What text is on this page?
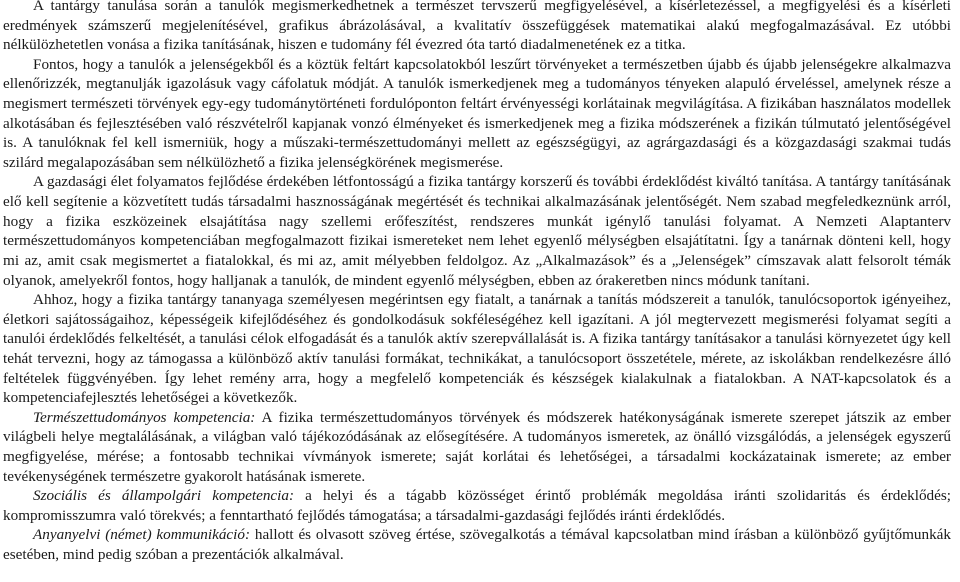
A tantárgy tanulása során a tanulók megismerkedhetnek a természet tervszerű megfigyelésével, a kísérletezéssel, a megfigyelési és a kísérleti eredmények számszerű megjelenítésével, grafikus ábrázolásával, a kvalitatív összefüggések matematikai alakú megfogalmazásával. Ez utóbbi nélkülözhetetlen vonása a fizika tanításának, hiszen e tudomány fél évezred óta tartó diadalmenetének ez a titka.
Fontos, hogy a tanulók a jelenségekből és a köztük feltárt kapcsolatokból leszűrt törvényeket a természetben újabb és újabb jelenségekre alkalmazva ellenőrizzék, megtanulják igazolásuk vagy cáfolatuk módját. A tanulók ismerkedjenek meg a tudományos tényeken alapuló érveléssel, amelynek része a megismert természeti törvények egy-egy tudománytörténeti fordulóponton feltárt érvényességi korlátainak megvilágítása. A fizikában használatos modellek alkotásában és fejlesztésében való részvételről kapjanak vonzó élményeket és ismerkedjenek meg a fizika módszerének a fizikán túlmutató jelentőségével is. A tanulóknak fel kell ismerniük, hogy a műszaki-természettudományi mellett az egészségügyi, az agrárgazdasági és a közgazdasági szakmai tudás szilárd megalapozásában sem nélkülözhető a fizika jelenségkörének megismerése.
A gazdasági élet folyamatos fejlődése érdekében létfontosságú a fizika tantárgy korszerű és további érdeklődést kiváltó tanítása. A tantárgy tanításának elő kell segítenie a közvetített tudás társadalmi hasznosságának megértését és technikai alkalmazásának jelentőségét. Nem szabad megfeledkeznünk arról, hogy a fizika eszközeinek elsajátítása nagy szellemi erőfeszítést, rendszeres munkát igénylő tanulási folyamat. A Nemzeti Alaptanterv természettudományos kompetenciában megfogalmazott fizikai ismereteket nem lehet egyenlő mélységben elsajátítatni. Így a tanárnak dönteni kell, hogy mi az, amit csak megismertet a fiatalokkal, és mi az, amit mélyebben feldolgoz. Az „Alkalmazások” és a „Jelenségek” címszavak alatt felsorolt témák olyanok, amelyekről fontos, hogy halljanak a tanulók, de mindent egyenlő mélységben, ebben az órakeretben nincs módunk tanítani.
Ahhoz, hogy a fizika tantárgy tananyaga személyesen megérintsen egy fiatalt, a tanárnak a tanítás módszereit a tanulók, tanulócsoportok igényeihez, életkori sajátosságaihoz, képességeik kifejlődéséhez és gondolkodásuk sokféleségéhez kell igazítani. A jól megtervezett megismerési folyamat segíti a tanulói érdeklődés felkeltését, a tanulási célok elfogadását és a tanulók aktív szerepvállalását is. A fizika tantárgy tanításakor a tanulási környezetet úgy kell tehát tervezni, hogy az támogassa a különböző aktív tanulási formákat, technikákat, a tanulócsoport összetétele, mérete, az iskolákban rendelkezésre álló feltételek függvényében. Így lehet remény arra, hogy a megfelelő kompetenciák és készségek kialakulnak a fiatalokban. A NAT-kapcsolatok és a kompetenciafejlesztés lehetőségei a következők.
Természettudományos kompetencia: A fizika természettudományos törvények és módszerek hatékonyságának ismerete szerepet játszik az ember világbeli helye megtalálásának, a világban való tájékozódásának az elősegítésére. A tudományos ismeretek, az önálló vizsgálódás, a jelenségek egyszerű megfigyelése, mérése; a fontosabb technikai vívmányok ismerete; saját korlátai és lehetőségei, a társadalmi kockázatainak ismerete; az ember tevékenységének természetre gyakorolt hatásának ismerete.
Szociális és állampolgári kompetencia: a helyi és a tágabb közösséget érintő problémák megoldása iránti szolidaritás és érdeklődés; kompromisszumra való törekvés; a fenntartható fejlődés támogatása; a társadalmi-gazdasági fejlődés iránti érdeklődés.
Anyanyelvi (német) kommunikáció: hallott és olvasott szöveg értése, szövegalkotás a témával kapcsolatban mind írásban a különböző gyűjtőmunkák esetében, mind pedig szóban a prezentációk alkalmával.
